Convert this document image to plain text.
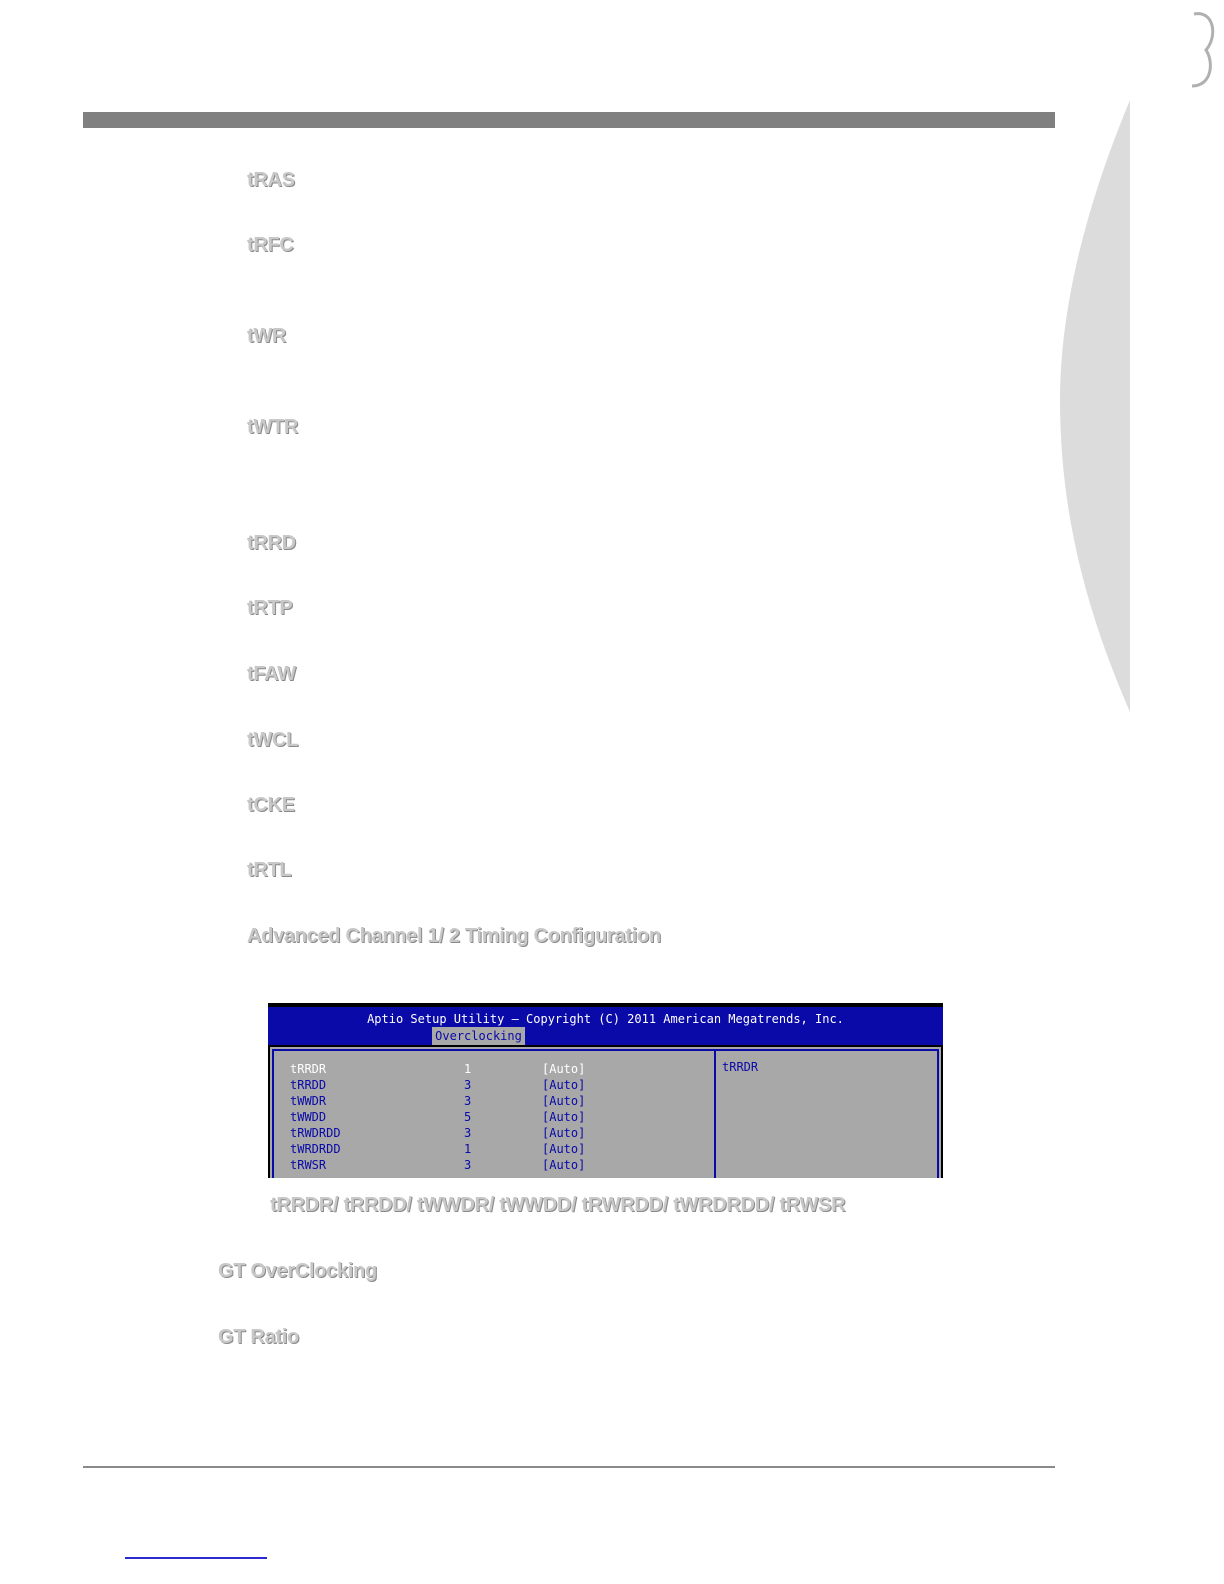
tRAS
tRFC
tWR
tWTR
tRRD
tRTP
tFAW
tWCL
tCKE
tRTL
Advanced Channel 1/ 2 Timing Configuration
Aptio Setup Utility – Copyright (C) 2011 American Megatrends, Inc.
Overclocking
tRRDR	1	[Auto]
tRRDD	3	[Auto]
tWWDR	3	[Auto]
tWWDD	5	[Auto]
tRWDRDD	3	[Auto]
tWRDRDD	1	[Auto]
tRWSR	3	[Auto]
tRRDR
tRRDR/ tRRDD/ tWWDR/ tWWDD/ tRWRDD/ tWRDRDD/ tRWSR
GT OverClocking
GT Ratio
